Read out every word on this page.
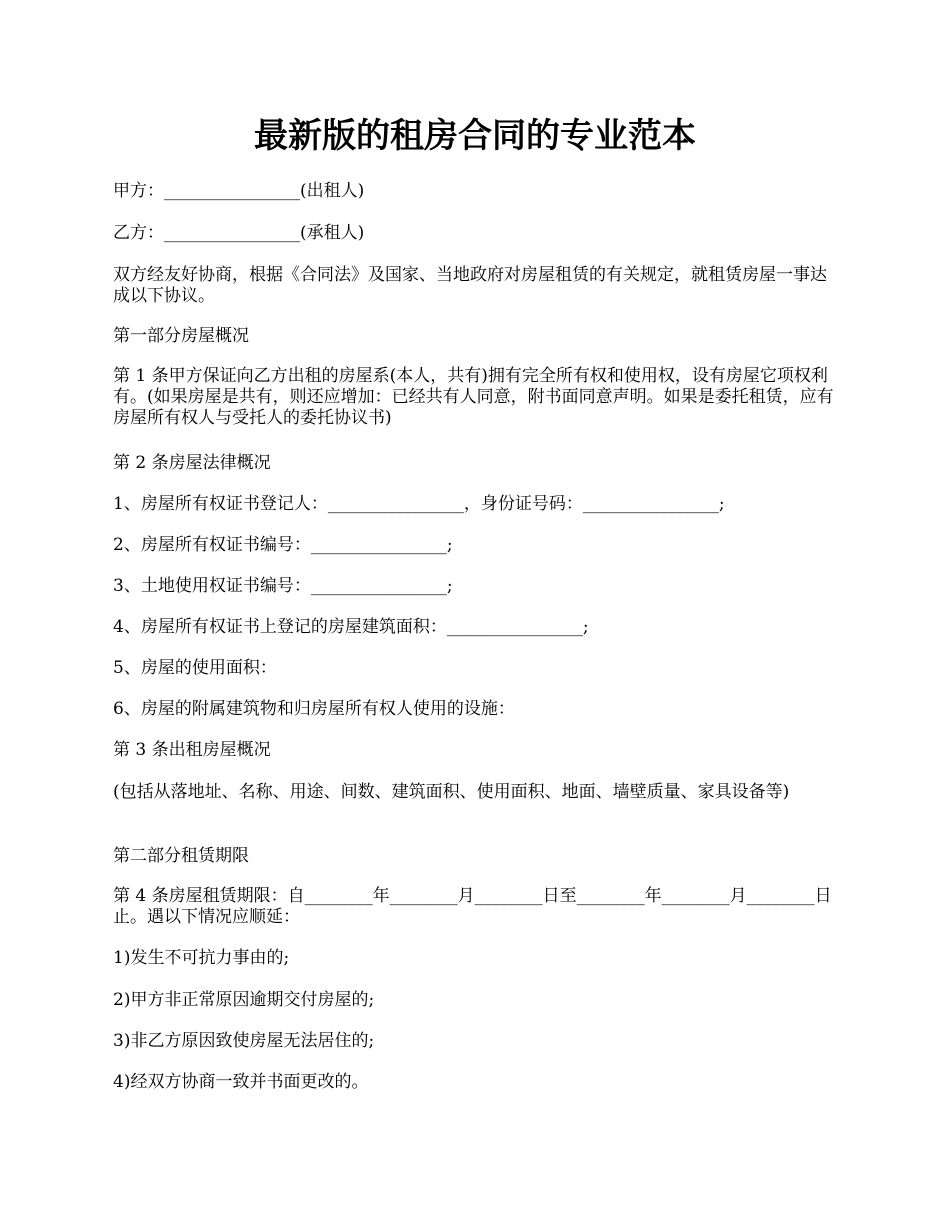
最新版的租房合同的专业范本

甲方：________________(出租人)

乙方：________________(承租人)

双方经友好协商，根据《合同法》及国家、当地政府对房屋租赁的有关规定，就租赁房屋一事达成以下协议。

第一部分房屋概况

第 1 条甲方保证向乙方出租的房屋系(本人，共有)拥有完全所有权和使用权，设有房屋它项权利有。(如果房屋是共有，则还应增加：已经共有人同意，附书面同意声明。如果是委托租赁，应有房屋所有权人与受托人的委托协议书)

第 2 条房屋法律概况

1、房屋所有权证书登记人：________________，身份证号码：________________;

2、房屋所有权证书编号：________________;

3、土地使用权证书编号：________________;

4、房屋所有权证书上登记的房屋建筑面积：________________;

5、房屋的使用面积：

6、房屋的附属建筑物和归房屋所有权人使用的设施：

第 3 条出租房屋概况

(包括从落地址、名称、用途、间数、建筑面积、使用面积、地面、墙壁质量、家具设备等)

第二部分租赁期限

第 4 条房屋租赁期限：自________年________月________日至________年________月________日止。遇以下情况应顺延：

1)发生不可抗力事由的;

2)甲方非正常原因逾期交付房屋的;

3)非乙方原因致使房屋无法居住的;

4)经双方协商一致并书面更改的。
